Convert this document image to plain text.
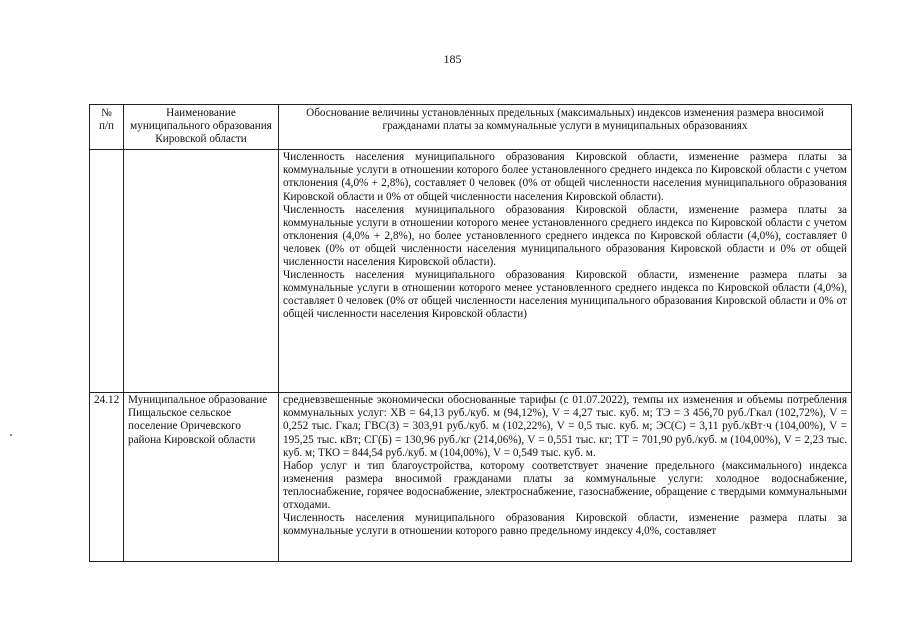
185
№
п/п	Наименование муниципального образования Кировской области	Обоснование величины установленных предельных (максимальных) индексов изменения размера вносимой гражданами платы за коммунальные услуги в муниципальных образованиях

		Численность населения муниципального образования Кировской области, изменение размера платы за коммунальные услуги в отношении которого более установленного среднего индекса по Кировской области с учетом отклонения (4,0% + 2,8%), составляет 0 человек (0% от общей численности населения муниципального образования Кировской области и 0% от общей численности населения Кировской области).

Численность населения муниципального образования Кировской области, изменение размера платы за коммунальные услуги в отношении которого менее установленного среднего индекса по Кировской области с учетом отклонения (4,0% + 2,8%), но более установленного среднего индекса по Кировской области (4,0%), составляет 0 человек (0% от общей численности населения муниципального образования Кировской области и 0% от общей численности населения Кировской области).

Численность населения муниципального образования Кировской области, изменение размера платы за коммунальные услуги в отношении которого менее установленного среднего индекса по Кировской области (4,0%), составляет 0 человек (0% от общей численности населения муниципального образования Кировской области и 0% от общей численности населения Кировской области)

24.12	Муниципальное образование Пищальское сельское поселение Оричевского района Кировской области	средневзвешенные экономически обоснованные тарифы (с 01.07.2022), темпы их изменения и объемы потребления коммунальных услуг: ХВ = 64,13 руб./куб. м (94,12%), V = 4,27 тыс. куб. м; ТЭ = 3 456,70 руб./Гкал (102,72%), V = 0,252 тыс. Гкал; ГВС(З) = 303,91 руб./куб. м (102,22%), V = 0,5 тыс. куб. м; ЭС(С) = 3,11 руб./кВт·ч (104,00%), V = 195,25 тыс. кВт; СГ(Б) = 130,96 руб./кг (214,06%), V = 0,551 тыс. кг; ТТ = 701,90 руб./куб. м (104,00%), V = 2,23 тыс. куб. м; ТКО = 844,54 руб./куб. м (104,00%), V = 0,549 тыс. куб. м.

Набор услуг и тип благоустройства, которому соответствует значение предельного (максимального) индекса изменения размера вносимой гражданами платы за коммунальные услуги: холодное водоснабжение, теплоснабжение, горячее водоснабжение, электроснабжение, газоснабжение, обращение с твердыми коммунальными отходами.

Численность населения муниципального образования Кировской области, изменение размера платы за коммунальные услуги в отношении которого равно предельному индексу 4,0%, составляет
